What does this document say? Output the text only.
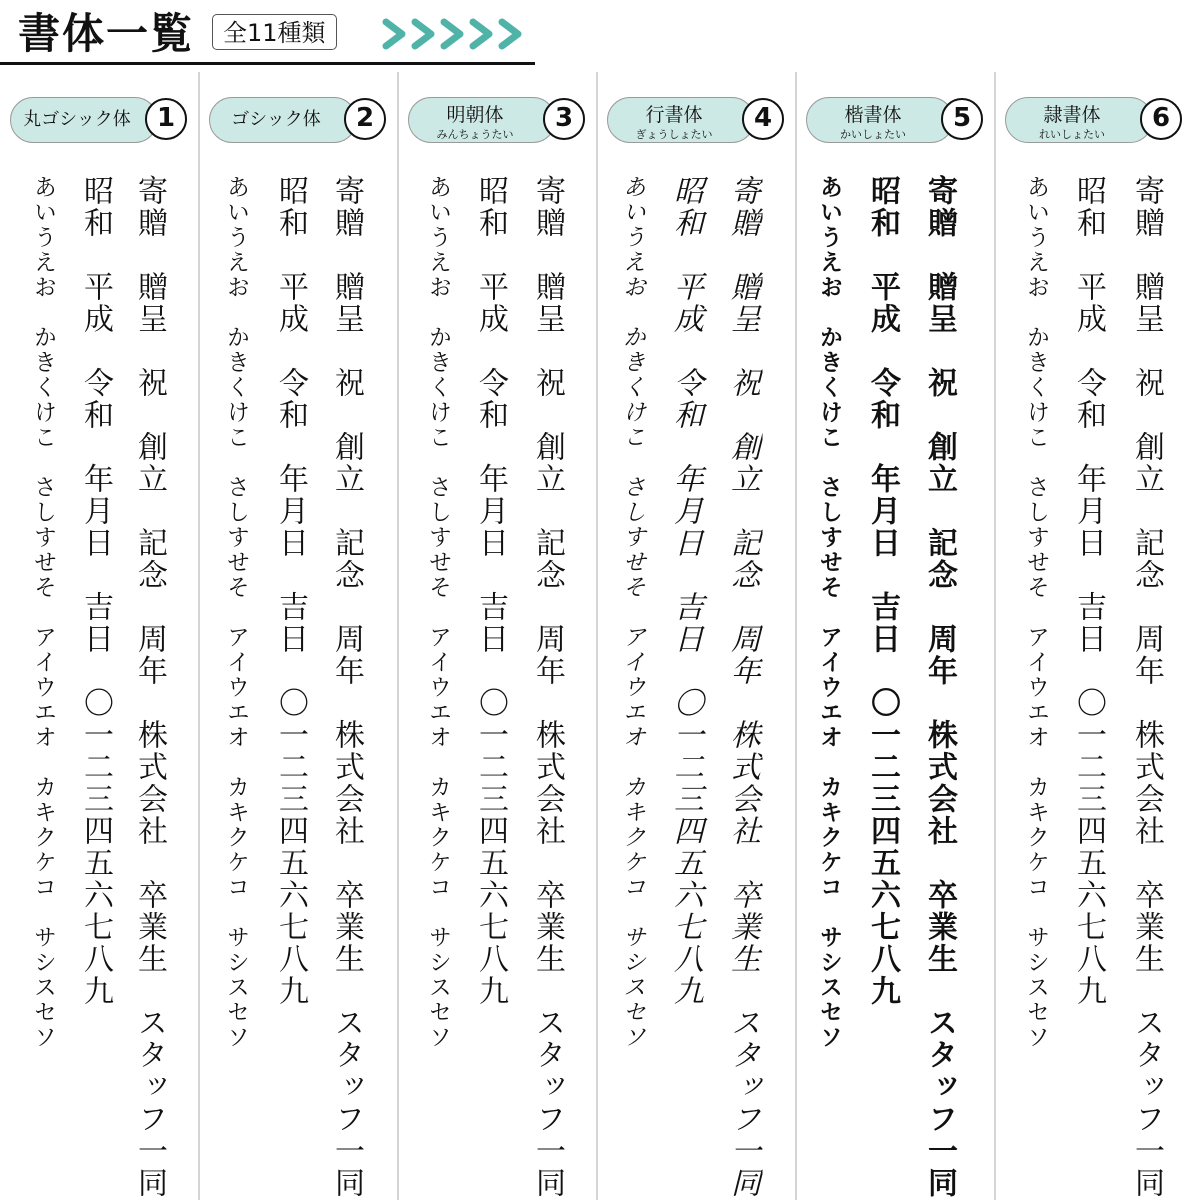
書体一覧	全11種類
丸ゴシック体	1
寄贈　贈呈　祝　創立　記念　周年　株式会社　卒業生　スタッフ一同
昭和　平成　令和　年月日　吉日　〇一二三四五六七八九
あいうえお　かきくけこ　さしすせそ　アイウエオ　カキクケコ　サシスセソ
ゴシック体	2
寄贈　贈呈　祝　創立　記念　周年　株式会社　卒業生　スタッフ一同
昭和　平成　令和　年月日　吉日　〇一二三四五六七八九
あいうえお　かきくけこ　さしすせそ　アイウエオ　カキクケコ　サシスセソ
明朝体
みんちょうたい
3
寄贈　贈呈　祝　創立　記念　周年　株式会社　卒業生　スタッフ一同
昭和　平成　令和　年月日　吉日　〇一二三四五六七八九
あいうえお　かきくけこ　さしすせそ　アイウエオ　カキクケコ　サシスセソ
行書体
ぎょうしょたい
4
寄贈　贈呈　祝　創立　記念　周年　株式会社　卒業生　スタッフ一同
昭和　平成　令和　年月日　吉日　〇一二三四五六七八九
あいうえお　かきくけこ　さしすせそ　アイウエオ　カキクケコ　サシスセソ
楷書体
かいしょたい
5
寄贈　贈呈　祝　創立　記念　周年　株式会社　卒業生　スタッフ一同
昭和　平成　令和　年月日　吉日　〇一二三四五六七八九
あいうえお　かきくけこ　さしすせそ　アイウエオ　カキクケコ　サシスセソ
隷書体
れいしょたい
6
寄贈　贈呈　祝　創立　記念　周年　株式会社　卒業生　スタッフ一同
昭和　平成　令和　年月日　吉日　〇一二三四五六七八九
あいうえお　かきくけこ　さしすせそ　アイウエオ　カキクケコ　サシスセソ
